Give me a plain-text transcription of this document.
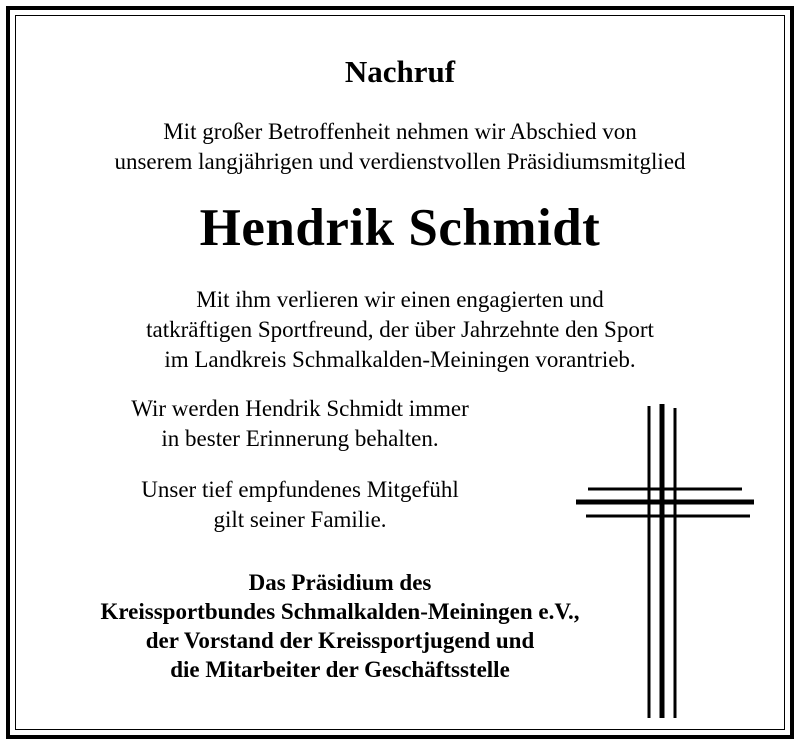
Nachruf
Mit großer Betroffenheit nehmen wir Abschied von
unserem langjährigen und verdienstvollen Präsidiumsmitglied
Hendrik Schmidt
Mit ihm verlieren wir einen engagierten und
tatkräftigen Sportfreund, der über Jahrzehnte den Sport
im Landkreis Schmalkalden-Meiningen vorantrieb.
Wir werden Hendrik Schmidt immer
in bester Erinnerung behalten.
Unser tief empfundenes Mitgefühl
gilt seiner Familie.
Das Präsidium des
Kreissportbundes Schmalkalden-Meiningen e.V.,
der Vorstand der Kreissportjugend und
die Mitarbeiter der Geschäftsstelle
